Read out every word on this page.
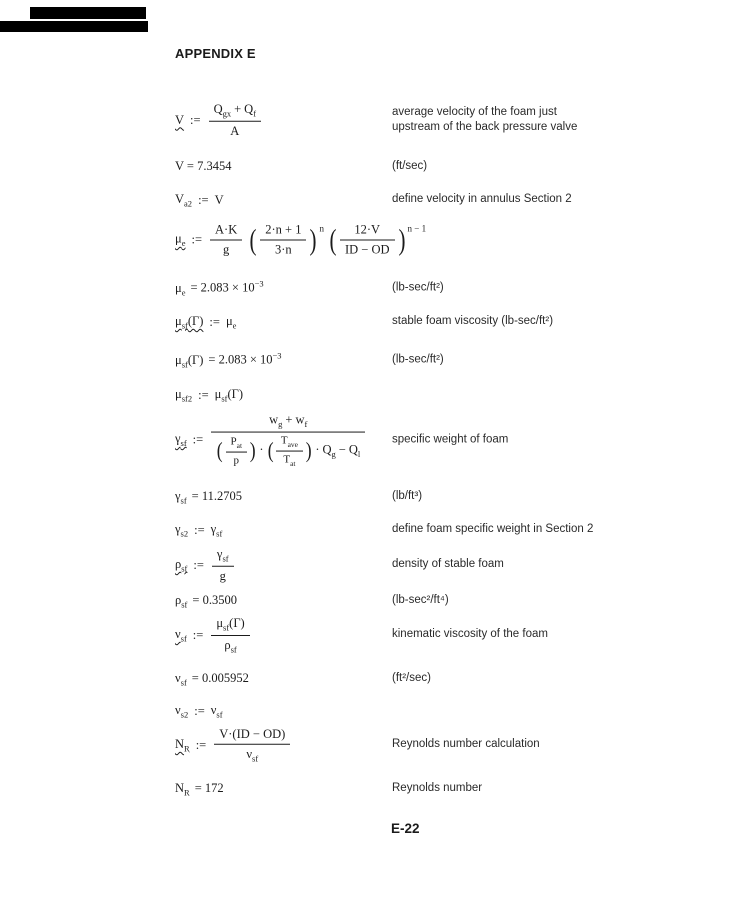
APPENDIX E
V := $\frac{Q_{gx} + Q_f}{A}$	average velocity of the foam just
upstream of the back pressure valve
V = 7.3454	(ft/sec)
$V_{a2}$ := V	define velocity in annulus Section 2
$\mu_e$ := $\frac{A\cdot K}{g}$ ( $\frac{2\cdot n + 1}{3\cdot n}$ ) n ( $\frac{12\cdot V}{ID - OD}$ ) n − 1
$\mu_e = 2.083 \times 10^{-3}$	(lb-sec/ft²)
$\mu_{sf}(\Gamma)$ := $\mu_e$	stable foam viscosity (lb-sec/ft²)
$\mu_{sf}(\Gamma) = 2.083 \times 10^{-3}$	(lb-sec/ft²)
$\mu_{sf2}$ := $\mu_{sf}(\Gamma)$
$\gamma_{sf}$ := $\frac{w_g + w_f}{( \frac{P_{at}}{p} ) \cdot ( \frac{T_{ave}}{T_{at}} ) \cdot Q_g - Q_l}$ specific weight of foam
$\gamma_{sf} = 11.2705$	(lb/ft³)
$\gamma_{s2}$ := $\gamma_{sf}$	define foam specific weight in Section 2
$\rho_{sf}$ := $\frac{\gamma_{sf}}{g}$	density of stable foam
$\rho_{sf} = 0.3500$	(lb-sec²/ft⁴)
$\nu_{sf}$ := $\frac{\mu_{sf}(\Gamma)}{\rho_{sf}}$	kinematic viscosity of the foam
$\nu_{sf} = 0.005952$	(ft²/sec)
$\nu_{s2}$ := $\nu_{sf}$
$N_R$ := $\frac{V\cdot(ID - OD)}{\nu_{sf}}$	Reynolds number calculation
$N_R = 172$	Reynolds number
E-22
